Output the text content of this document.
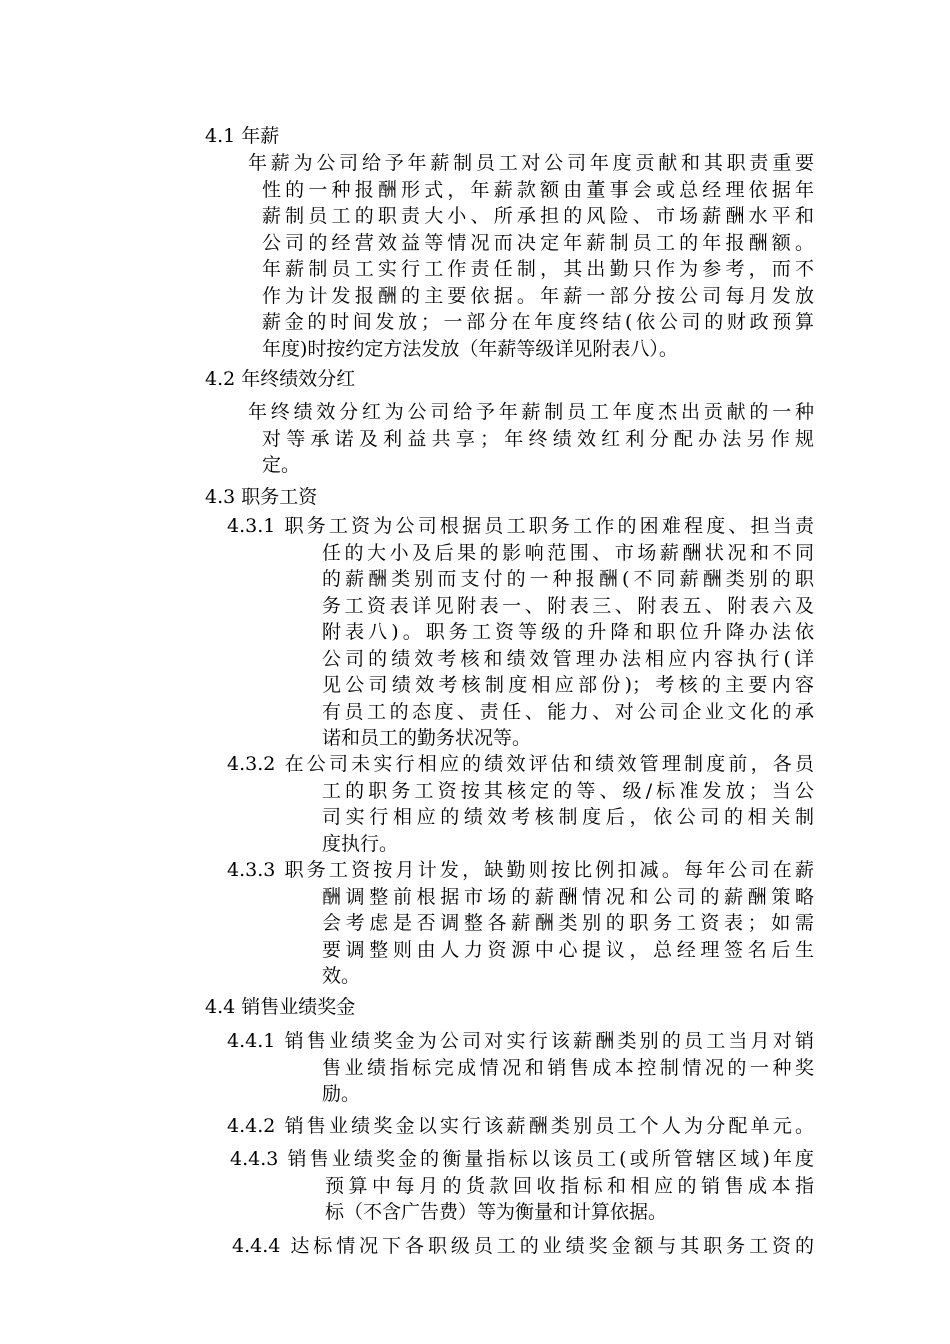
4.1 年薪
年薪为公司给予年薪制员工对公司年度贡献和其职责重要
性的一种报酬形式，年薪款额由董事会或总经理依据年
薪制员工的职责大小、所承担的风险、市场薪酬水平和
公司的经营效益等情况而决定年薪制员工的年报酬额。
年薪制员工实行工作责任制，其出勤只作为参考，而不
作为计发报酬的主要依据。年薪一部分按公司每月发放
薪金的时间发放；一部分在年度终结(依公司的财政预算
年度)时按约定方法发放（年薪等级详见附表八）。
4.2 年终绩效分红
年终绩效分红为公司给予年薪制员工年度杰出贡献的一种
对等承诺及利益共享；年终绩效红利分配办法另作规
定。
4.3 职务工资
4.3.1 职务工资为公司根据员工职务工作的困难程度、担当责
任的大小及后果的影响范围、市场薪酬状况和不同
的薪酬类别而支付的一种报酬(不同薪酬类别的职
务工资表详见附表一、附表三、附表五、附表六及
附表八)。职务工资等级的升降和职位升降办法依
公司的绩效考核和绩效管理办法相应内容执行(详
见公司绩效考核制度相应部份)；考核的主要内容
有员工的态度、责任、能力、对公司企业文化的承
诺和员工的勤务状况等。
4.3.2 在公司未实行相应的绩效评估和绩效管理制度前，各员
工的职务工资按其核定的等、级/标准发放；当公
司实行相应的绩效考核制度后，依公司的相关制
度执行。
4.3.3 职务工资按月计发，缺勤则按比例扣减。每年公司在薪
酬调整前根据市场的薪酬情况和公司的薪酬策略
会考虑是否调整各薪酬类别的职务工资表；如需
要调整则由人力资源中心提议，总经理签名后生
效。
4.4 销售业绩奖金
4.4.1 销售业绩奖金为公司对实行该薪酬类别的员工当月对销
售业绩指标完成情况和销售成本控制情况的一种奖
励。
4.4.2 销售业绩奖金以实行该薪酬类别员工个人为分配单元。
4.4.3 销售业绩奖金的衡量指标以该员工(或所管辖区域)年度
预算中每月的货款回收指标和相应的销售成本指
标（不含广告费）等为衡量和计算依据。
4.4.4 达标情况下各职级员工的业绩奖金额与其职务工资的
